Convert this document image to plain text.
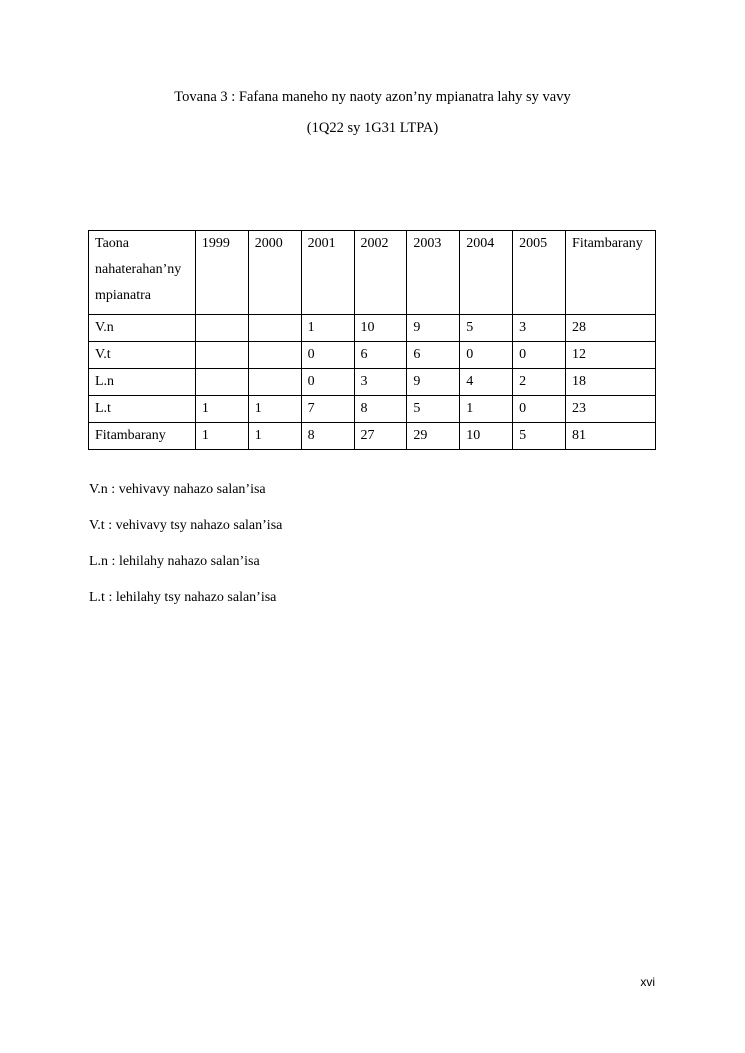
Tovana 3 : Fafana maneho ny naoty azon’ny mpianatra lahy sy vavy
(1Q22 sy 1G31 LTPA)
Taona nahaterahan’ny mpianatra	1999	2000	2001	2002	2003	2004	2005	Fitambarany
V.n			1	10	9	5	3	28
V.t			0	6	6	0	0	12
L.n			0	3	9	4	2	18
L.t	1	1	7	8	5	1	0	23
Fitambarany	1	1	8	27	29	10	5	81
V.n : vehivavy nahazo salan’isa
V.t : vehivavy tsy nahazo salan’isa
L.n : lehilahy nahazo salan’isa
L.t : lehilahy tsy nahazo salan’isa
xvi
